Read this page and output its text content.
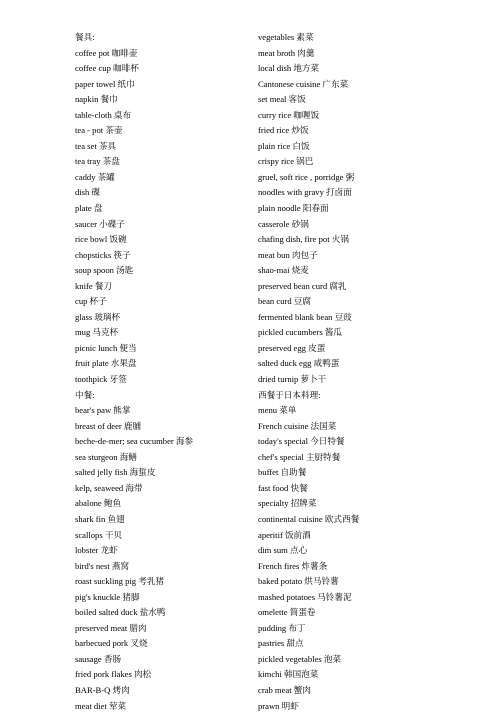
餐具:
coffee pot 咖啡壶
coffee cup 咖啡杯
paper towel 纸巾
napkin 餐巾
table-cloth 桌布
tea - pot 茶壶
tea set 茶具
tea tray 茶盘
caddy 茶罐
dish 碟
plate 盘
saucer 小碟子
rice bowl 饭碗
chopsticks 筷子
soup spoon 汤匙
knife 餐刀
cup 杯子
glass 玻璃杯
mug 马克杯
picnic lunch 便当
fruit plate 水果盘
toothpick 牙签
中餐:
bear's paw 熊掌
breast of deer 鹿脯
beche-de-mer; sea cucumber 海参
sea sturgeon 海鳝
salted jelly fish 海蜇皮
kelp, seaweed 海带
abalone 鲍鱼
shark fin 鱼翅
scallops 干贝
lobster 龙虾
bird's nest 燕窝
roast suckling pig 考乳猪
pig's knuckle 猪脚
boiled salted duck 盐水鸭
preserved meat 腊肉
barbecued pork 叉烧
sausage 香肠
fried pork flakes 肉松
BAR-B-Q 烤肉
meat diet 荤菜
vegetables 素菜
meat broth 肉羹
local dish 地方菜
Cantonese cuisine 广东菜
set meal 客饭
curry rice 咖喱饭
fried rice 炒饭
plain rice 白饭
crispy rice 锅巴
gruel, soft rice , porridge 粥
noodles with gravy 打卤面
plain noodle 阳春面
casserole 砂锅
chafing dish, fire pot 火锅
meat bun 肉包子
shao-mai 烧麦
preserved bean curd 腐乳
bean curd 豆腐
fermented blank bean 豆豉
pickled cucumbers 酱瓜
preserved egg 皮蛋
salted duck egg 咸鸭蛋
dried turnip 萝卜干
西餐于日本料理:
menu 菜单
French cuisine 法国菜
today's special 今日特餐
chef's special 主厨特餐
buffet 自助餐
fast food 快餐
specialty 招牌菜
continental cuisine 欧式西餐
aperitif 饭前酒
dim sum 点心
French fires 炸薯条
baked potato 烘马铃薯
mashed potatoes 马铃薯泥
omelette 简蛋卷
pudding 布丁
pastries 甜点
pickled vegetables 泡菜
kimchi 韩国泡菜
crab meat 蟹肉
prawn 明虾
